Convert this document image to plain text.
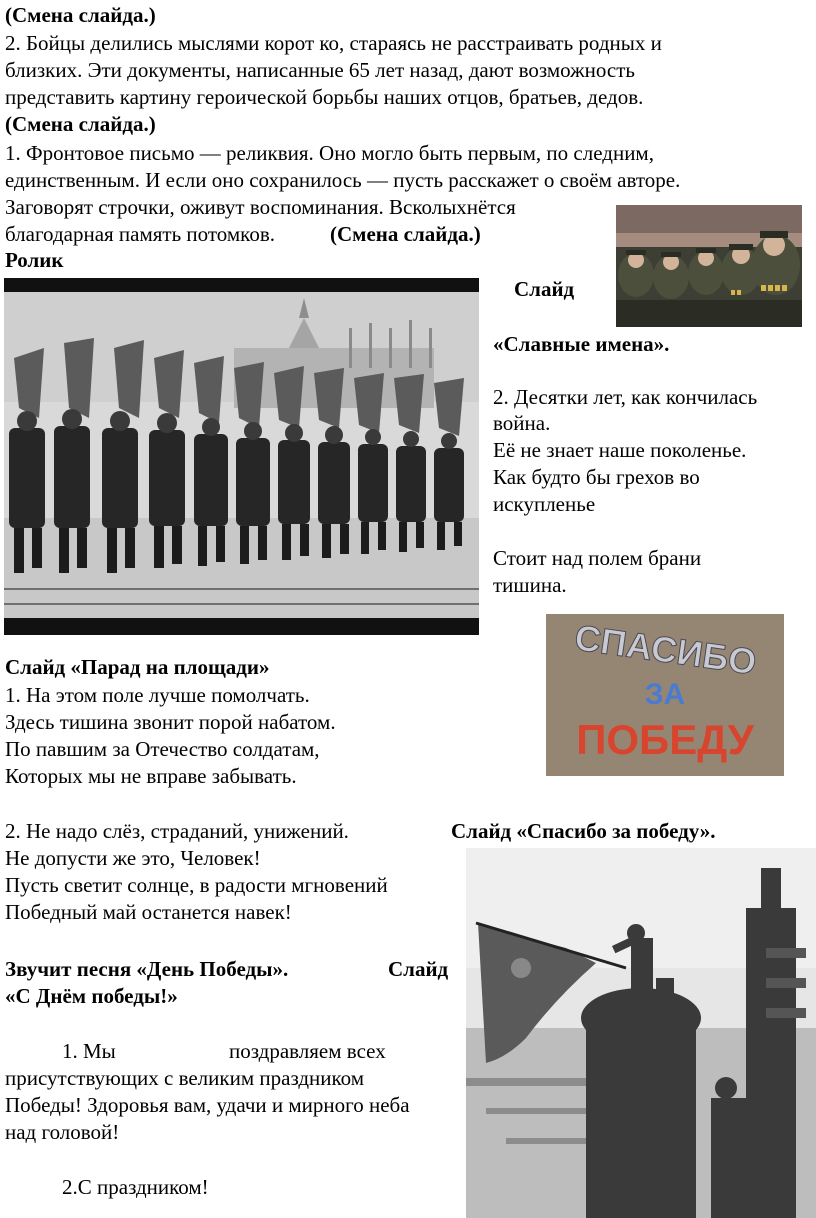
(Смена слайда.)
2. Бойцы делились мыслями корот ко, стараясь не расстраивать родных и
близких. Эти документы, написанные 65 лет назад, дают возможность
представить картину героической борьбы наших отцов, братьев, дедов.
(Смена слайда.)
1. Фронтовое письмо — реликвия. Оно могло быть первым, по следним,
единственным. И если оно сохранилось — пусть расскажет о своём авторе.
Заговорят строчки, оживут воспоминания. Всколыхнётся
благодарная память потомков.	(Смена слайда.)
Ролик
Слайд
«Славные имена».
2. Десятки лет, как кончилась
война.
Её не знает наше поколенье.
Как будто бы грехов во
искупленье
Стоит над полем брани
тишина.
СПАСИБО
ЗА
ПОБЕДУ
Слайд «Парад на площади»
1. На этом поле лучше помолчать.
Здесь тишина звонит порой набатом.
По павшим за Отечество солдатам,
Которых мы не вправе забывать.
2. Не надо слёз, страданий, унижений.	Слайд «Спасибо за победу».
Не допусти же это, Человек!
Пусть светит солнце, в радости мгновений
Победный май останется навек!
Звучит песня «День Победы».	Слайд
«С Днём победы!»
1. Мы	поздравляем всех
присутствующих с великим праздником
Победы! Здоровья вам, удачи и мирного неба
над головой!
2.С праздником!
